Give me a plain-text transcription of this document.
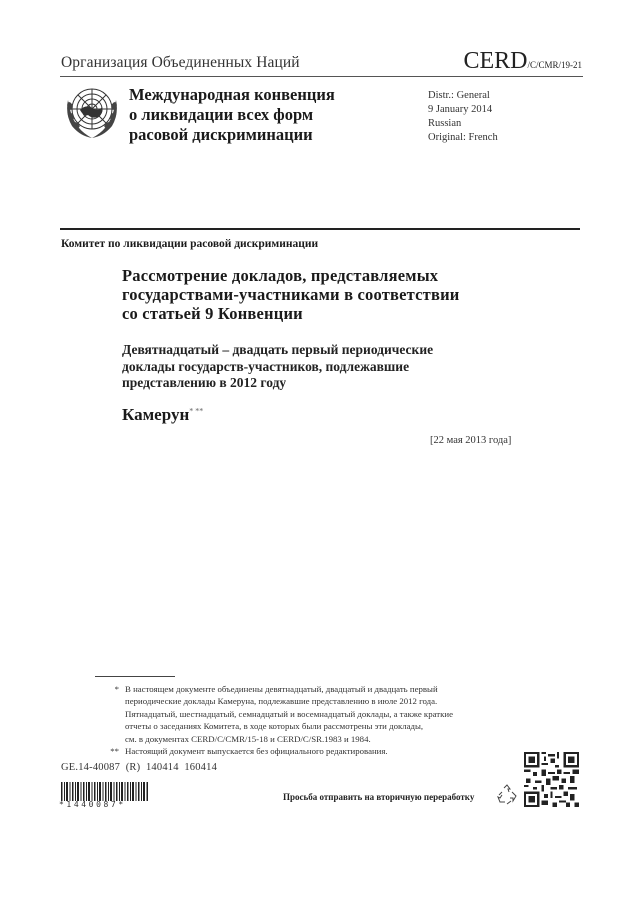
Организация Объединенных Наций	CERD/C/CMR/19-21
Международная конвенция
о ликвидации всех форм
расовой дискриминации
Distr.: General
9 January 2014
Russian
Original: French
Комитет по ликвидации расовой дискриминации
Рассмотрение докладов, представляемых
государствами-участниками в соответствии
со статьей 9 Конвенции
Девятнадцатый – двадцать первый периодические
доклады государств-участников, подлежавшие
представлению в 2012 году
Камерун* **
[22 мая 2013 года]
* В настоящем документе объединены девятнадцатый, двадцатый и двадцать первый
периодические доклады Камеруна, подлежавшие представлению в июле 2012 года.
Пятнадцатый, шестнадцатый, семнадцатый и восемнадцатый доклады, а также краткие
отчеты о заседаниях Комитета, в ходе которых были рассмотрены эти доклады,
см. в документах CERD/C/CMR/15-18 и CERD/C/SR.1983 и 1984.
** Настоящий документ выпускается без официального редактирования.
GE.14-40087  (R)  140414  160414
*1440087*
Просьба отправить на вторичную переработку
